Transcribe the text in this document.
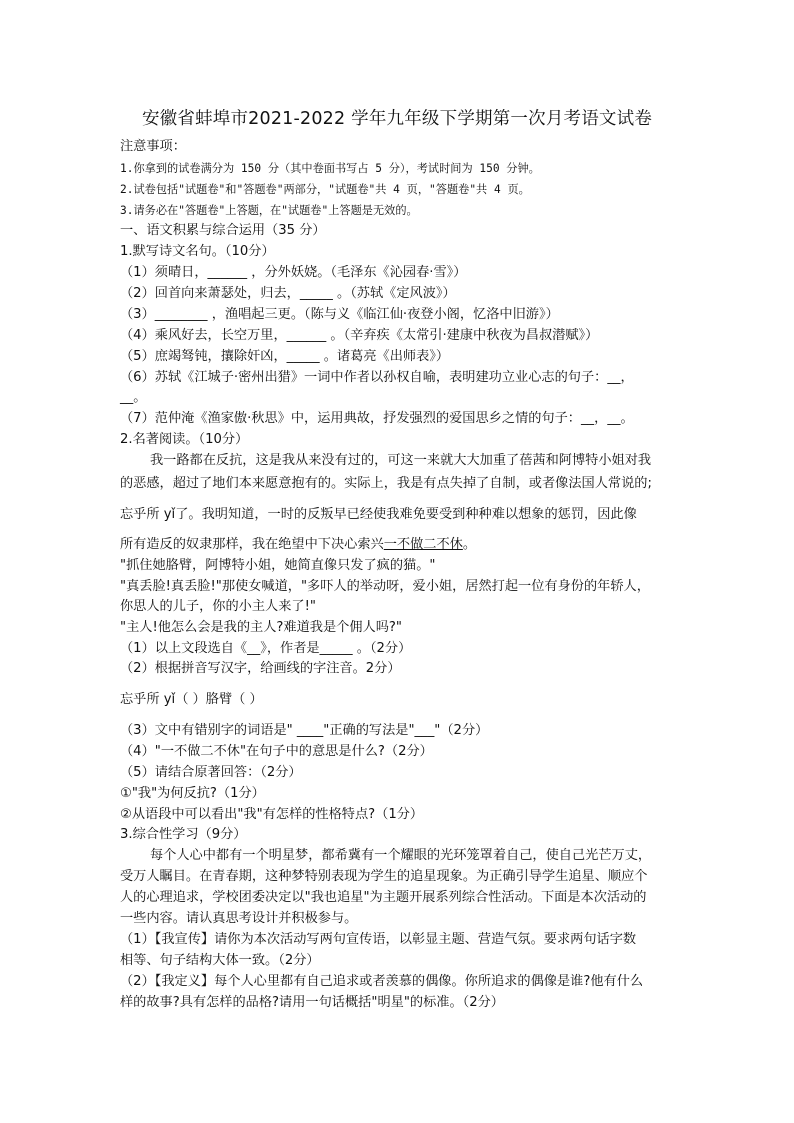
安徽省蚌埠市2021-2022 学年九年级下学期第一次月考语文试卷
注意事项：
1.你拿到的试卷满分为 150 分（其中卷面书写占 5 分），考试时间为 150 分钟。
2.试卷包括"试题卷"和"答题卷"两部分，"试题卷"共 4 页，"答题卷"共 4 页。
3.请务必在"答题卷"上答题，在"试题卷"上答题是无效的。
一、语文积累与综合运用（35 分）
1.默写诗文名句。（10分）
（1）须晴日，______ ，分外妖娆。（毛泽东《沁园春·雪》）
（2）回首向来萧瑟处，归去，_____ 。（苏轼《定风波》）
（3）________ ，渔唱起三更。（陈与义《临江仙·夜登小阁，忆洛中旧游》）
（4）乘风好去，长空万里，______ 。（辛弃疾《太常引·建康中秋夜为昌叔潜赋》）
（5）庶竭驽钝，攘除奸凶，_____ 。诸葛亮《出师表》）
（6）苏轼《江城子·密州出猎》一词中作者以孙权自喻，表明建功立业心志的句子：__，
__。
（7）范仲淹《渔家傲·秋思》中，运用典故，抒发强烈的爱国思乡之情的句子：__，__。
2.名著阅读。（10分）
我一路都在反抗，这是我从来没有过的，可这一来就大大加重了蓓茜和阿博特小姐对我
的恶感，超过了地们本来愿意抱有的。实际上，我是有点失掉了自制，或者像法国人常说的;
忘乎所 yǐ了。我明知道，一时的反叛早已经使我难免要受到种种难以想象的惩罚，因此像
所有造反的奴隶那样，我在绝望中下决心索兴一不做二不休。
"抓住她胳臂，阿博特小姐，她简直像只发了疯的猫。"
"真丢脸!真丢脸!"那使女喊道，"多吓人的举动呀，爱小姐，居然打起一位有身份的年轿人，
你思人的儿子，你的小主人来了!"
"主人!他怎么会是我的主人?难道我是个佣人吗?"
（1）以上文段选自《__》，作者是_____ 。（2分）
（2）根据拼音写汉字，给画线的字注音。2分）
忘乎所 yǐ（ ）胳臂（ ）
（3）文中有错别字的词语是" ____"正确的写法是"___"（2分）
（4）"一不做二不休"在句子中的意思是什么?（2分）
（5）请结合原著回答：（2分）
①"我"为何反抗?（1分）
②从语段中可以看出"我"有怎样的性格特点?（1分）
3.综合性学习（9分）
每个人心中都有一个明星梦，都希冀有一个耀眼的光环笼罩着自己，使自己光芒万丈，
受万人瞩目。在青春期，这种梦特别表现为学生的追星现象。为正确引导学生追星、顺应个
人的心理追求，学校团委决定以"我也追星"为主题开展系列综合性活动。下面是本次活动的
一些内容。请认真思考设计并积极参与。
（1）【我宣传】请你为本次活动写两句宣传语，以彰显主题、营造气氛。要求两句话字数
相等、句子结构大体一致。（2分）
（2）【我定义】每个人心里都有自己追求或者羡慕的偶像。你所追求的偶像是谁?他有什么
样的故事?具有怎样的品格?请用一句话概括"明星"的标准。（2分）
